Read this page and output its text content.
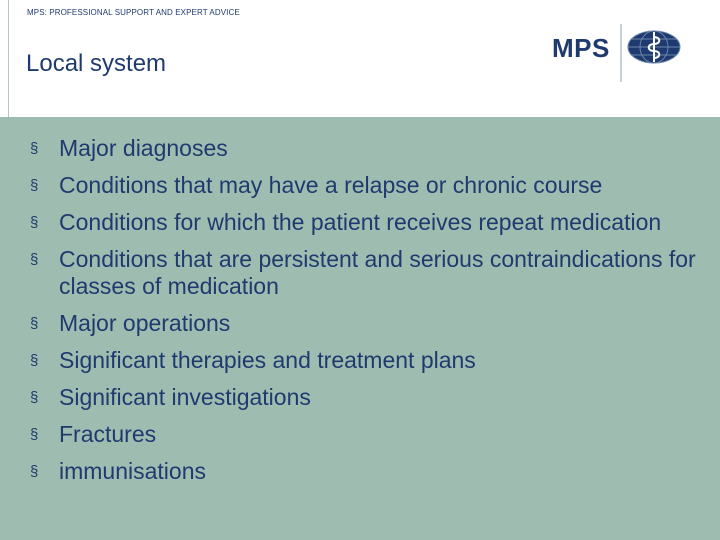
MPS: PROFESSIONAL SUPPORT AND EXPERT ADVICE
Local system
MPS
§ Major diagnoses
§ Conditions that may have a relapse or chronic course
§ Conditions for which the patient receives repeat medication
§ Conditions that are persistent and serious contraindications for classes of medication
§ Major operations
§ Significant therapies and treatment plans
§ Significant investigations
§ Fractures
§ immunisations
